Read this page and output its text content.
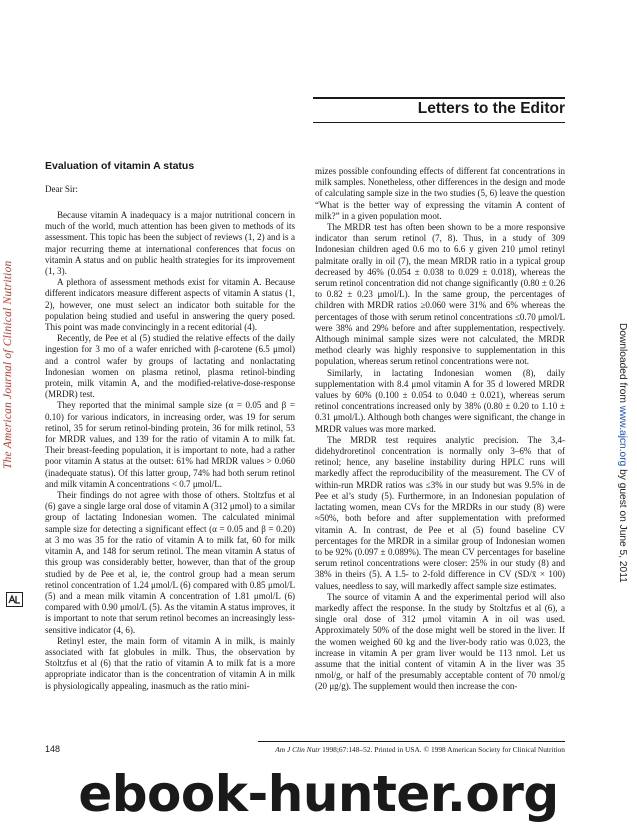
The American Journal of Clinical Nutrition	Downloaded from www.ajcn.org by guest on June 5, 2011
Letters to the Editor
Evaluation of vitamin A status
Dear Sir:

Because vitamin A inadequacy is a major nutritional concern in much of the world, much attention has been given to methods of its assessment. This topic has been the subject of reviews (1, 2) and is a major recurring theme at international conferences that focus on vitamin A status and on public health strategies for its improvement (1, 3).

A plethora of assessment methods exist for vitamin A. Because different indicators measure different aspects of vitamin A status (1, 2), however, one must select an indicator both suitable for the population being studied and useful in answering the query posed. This point was made convincingly in a recent editorial (4).

Recently, de Pee et al (5) studied the relative effects of the daily ingestion for 3 mo of a wafer enriched with β-carotene (6.5 μmol) and a control wafer by groups of lactating and nonlactating Indonesian women on plasma retinol, plasma retinol-binding protein, milk vitamin A, and the modified-relative-dose-response (MRDR) test.

They reported that the minimal sample size (α = 0.05 and β = 0.10) for various indicators, in increasing order, was 19 for serum retinol, 35 for serum retinol-binding protein, 36 for milk retinol, 53 for MRDR values, and 139 for the ratio of vitamin A to milk fat. Their breast-feeding population, it is important to note, had a rather poor vitamin A status at the outset: 61% had MRDR values > 0.060 (inadequate status). Of this latter group, 74% had both serum retinol and milk vitamin A concentrations < 0.7 μmol/L.

Their findings do not agree with those of others. Stoltzfus et al (6) gave a single large oral dose of vitamin A (312 μmol) to a similar group of lactating Indonesian women. The calculated minimal sample size for detecting a significant effect (α = 0.05 and β = 0.20) at 3 mo was 35 for the ratio of vitamin A to milk fat, 60 for milk vitamin A, and 148 for serum retinol. The mean vitamin A status of this group was considerably better, however, than that of the group studied by de Pee et al, ie, the control group had a mean serum retinol concentration of 1.24 μmol/L (6) compared with 0.85 μmol/L (5) and a mean milk vitamin A concentration of 1.81 μmol/L (6) compared with 0.90 μmol/L (5). As the vitamin A status improves, it is important to note that serum retinol becomes an increasingly less-sensitive indicator (4, 6).

Retinyl ester, the main form of vitamin A in milk, is mainly associated with fat globules in milk. Thus, the observation by Stoltzfus et al (6) that the ratio of vitamin A to milk fat is a more appropriate indicator than is the concentration of vitamin A in milk is physiologically appealing, inasmuch as the ratio mini-

mizes possible confounding effects of different fat concentrations in milk samples. Nonetheless, other differences in the design and mode of calculating sample size in the two studies (5, 6) leave the question “What is the better way of expressing the vitamin A content of milk?” in a given population moot.

The MRDR test has often been shown to be a more responsive indicator than serum retinol (7, 8). Thus, in a study of 309 Indonesian children aged 0.6 mo to 6.6 y given 210 μmol retinyl palmitate orally in oil (7), the mean MRDR ratio in a typical group decreased by 46% (0.054 ± 0.038 to 0.029 ± 0.018), whereas the serum retinol concentration did not change significantly (0.80 ± 0.26 to 0.82 ± 0.23 μmol/L). In the same group, the percentages of children with MRDR ratios ≥0.060 were 31% and 6% whereas the percentages of those with serum retinol concentrations ≤0.70 μmol/L were 38% and 29% before and after supplementation, respectively. Although minimal sample sizes were not calculated, the MRDR method clearly was highly responsive to supplementation in this population, whereas serum retinol concentrations were not.

Similarly, in lactating Indonesian women (8), daily supplementation with 8.4 μmol vitamin A for 35 d lowered MRDR values by 60% (0.100 ± 0.054 to 0.040 ± 0.021), whereas serum retinol concentrations increased only by 38% (0.80 ± 0.20 to 1.10 ± 0.31 μmol/L). Although both changes were significant, the change in MRDR values was more marked.

The MRDR test requires analytic precision. The 3,4-didehydroretinol concentration is normally only 3–6% that of retinol; hence, any baseline instability during HPLC runs will markedly affect the reproducibility of the measurement. The CV of within-run MRDR ratios was ≤3% in our study but was 9.5% in de Pee et al’s study (5). Furthermore, in an Indonesian population of lactating women, mean CVs for the MRDRs in our study (8) were ≈50%, both before and after supplementation with preformed vitamin A. In contrast, de Pee et al (5) found baseline CV percentages for the MRDR in a similar group of Indonesian women to be 92% (0.097 ± 0.089%). The mean CV percentages for baseline serum retinol concentrations were closer: 25% in our study (8) and 38% in theirs (5). A 1.5- to 2-fold difference in CV (SD/x̄ × 100) values, needless to say, will markedly affect sample size estimates.

The source of vitamin A and the experimental period will also markedly affect the response. In the study by Stoltzfus et al (6), a single oral dose of 312 μmol vitamin A in oil was used. Approximately 50% of the dose might well be stored in the liver. If the women weighed 60 kg and the liver-body ratio was 0.023, the increase in vitamin A per gram liver would be 113 nmol. Let us assume that the initial content of vitamin A in the liver was 35 nmol/g, or half of the presumably acceptable content of 70 nmol/g (20 μg/g). The supplement would then increase the con-

148	Am J Clin Nutr 1998;67:148–52. Printed in USA. © 1998 American Society for Clinical Nutrition
ebook-hunter.org
